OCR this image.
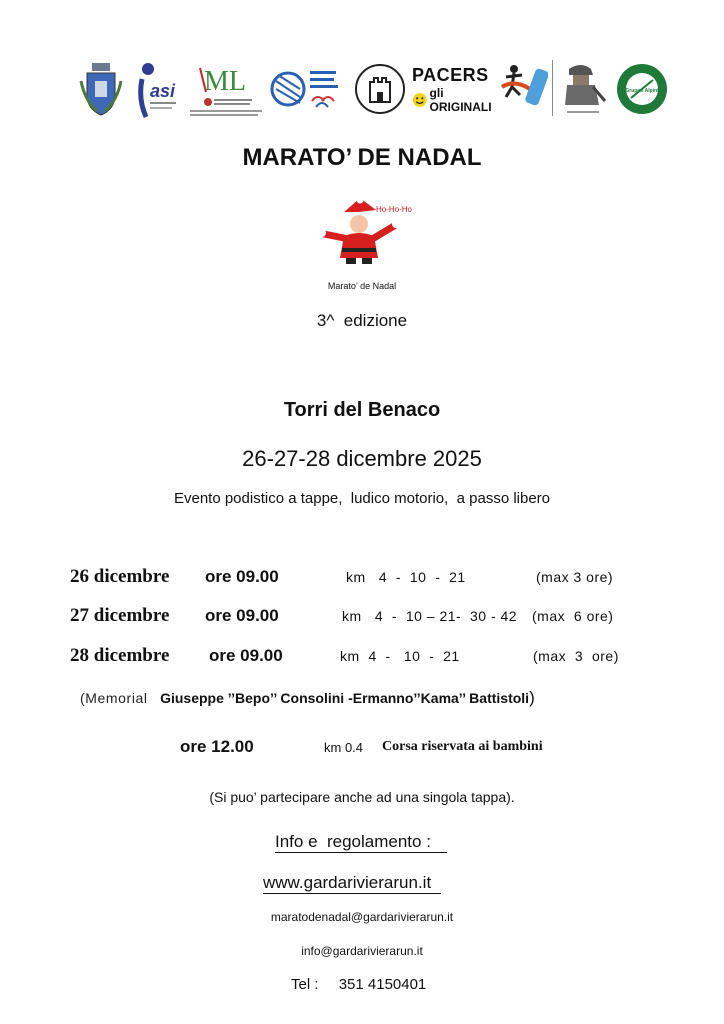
asi ML	PACERS
gli ORIGINALI
Gruppo Alpini
MARATO’ DE NADAL
Ho-Ho-Ho
Marato’ de Nadal
3^  edizione
Torri del Benaco
26-27-28 dicembre 2025
Evento podistico a tappe,  ludico motorio,  a passo libero
26 dicembre ore 09.00	km   4  -  10  -  21	(max 3 ore)
27 dicembre ore 09.00	km   4  -  10 – 21-  30 - 42 (max  6 ore)
28 dicembre ore 09.00	km  4  -   10  -  21	(max  3  ore)
(Memorial Giuseppe ’’Bepo’’ Consolini -Ermanno’’Kama’’ Battistoli)
ore 12.00	km 0.4 Corsa riservata ai bambini
(Si puo’ partecipare anche ad una singola tappa).
Info e  regolamento :
www.gardarivierarun.it
maratodenadal@gardarivierarun.it
info@gardarivierarun.it
Tel : 351 4150401
